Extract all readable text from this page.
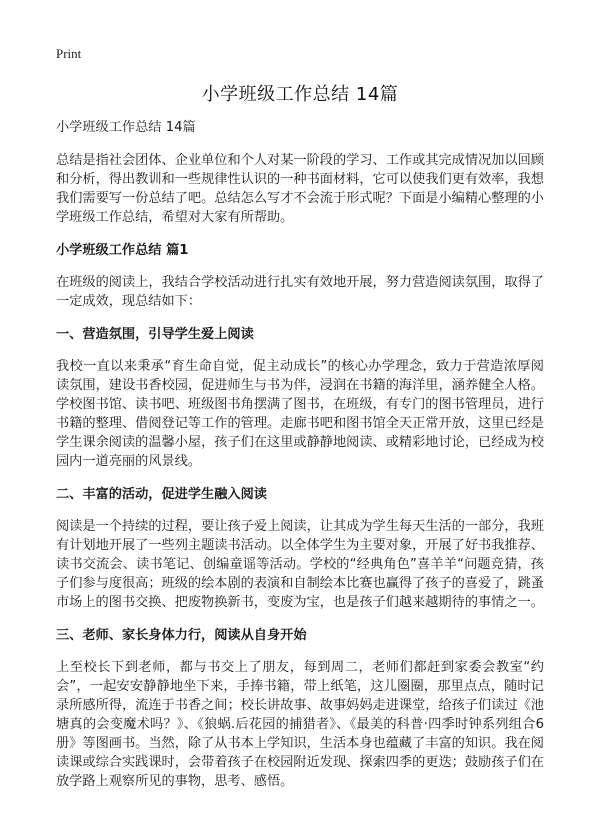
Print
小学班级工作总结 14篇

小学班级工作总结 14篇

总结是指社会团体、企业单位和个人对某一阶段的学习、工作或其完成情况加以回顾和分析，得出教训和一些规律性认识的一种书面材料，它可以使我们更有效率，我想我们需要写一份总结了吧。总结怎么写才不会流于形式呢？下面是小编精心整理的小学班级工作总结，希望对大家有所帮助。

小学班级工作总结 篇1

在班级的阅读上，我结合学校活动进行扎实有效地开展，努力营造阅读氛围，取得了一定成效，现总结如下：

一、营造氛围，引导学生爱上阅读

我校一直以来秉承“育生命自觉，促主动成长”的核心办学理念，致力于营造浓厚阅读氛围，建设书香校园，促进师生与书为伴，浸润在书籍的海洋里，涵养健全人格。学校图书馆、读书吧、班级图书角摆满了图书，在班级，有专门的图书管理员，进行书籍的整理、借阅登记等工作的管理。走廊书吧和图书馆全天正常开放，这里已经是学生课余阅读的温馨小屋，孩子们在这里或静静地阅读、或精彩地讨论，已经成为校园内一道亮丽的风景线。

二、丰富的活动，促进学生融入阅读

阅读是一个持续的过程，要让孩子爱上阅读，让其成为学生每天生活的一部分，我班有计划地开展了一些列主题读书活动。以全体学生为主要对象，开展了好书我推荐、读书交流会、读书笔记、创编童谣等活动。学校的“经典角色”喜羊羊“问题竞猜，孩子们参与度很高；班级的绘本剧的表演和自制绘本比赛也赢得了孩子的喜爱了，跳蚤市场上的图书交换、把废物换新书，变废为宝，也是孩子们越来越期待的事情之一。

三、老师、家长身体力行，阅读从自身开始

上至校长下到老师，都与书交上了朋友，每到周二，老师们都赶到家委会教室“约会”，一起安安静静地坐下来，手捧书籍，带上纸笔，这儿圈圈，那里点点，随时记录所感所得，流连于书香之间；校长讲故事、故事妈妈走进课堂，给孩子们读过《池塘真的会变魔术吗？》、《狼蜗.后花园的捕猎者》、《最美的科普·四季时钟系列组合6册》等图画书。当然，除了从书本上学知识，生活本身也蕴藏了丰富的知识。我在阅读课或综合实践课时，会带着孩子在校园附近发现、探索四季的更迭；鼓励孩子们在放学路上观察所见的事物，思考、感悟。
